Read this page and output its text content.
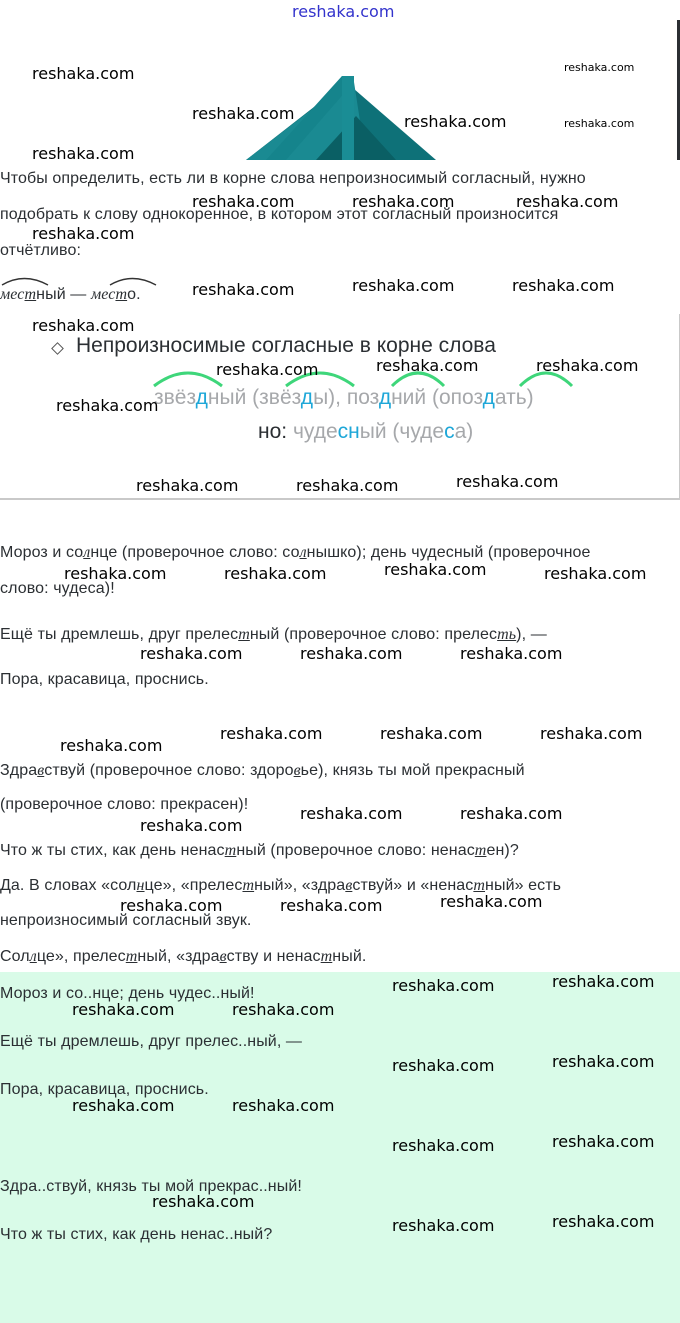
reshaka.com
reshaka.com	reshaka.com
reshaka.com	reshaka.com	reshaka.com
reshaka.com
Чтобы определить, есть ли в корне слова непроизносимый согласный, нужно
reshaka.com	reshaka.com	reshaka.com
подобрать к слову однокоренное, в котором этот согласный произносится
reshaka.com
отчётливо:
местный — место.	reshaka.com	reshaka.com	reshaka.com
reshaka.com
Непроизносимые согласные в корне слова
reshaka.com	reshaka.com	reshaka.com
звёздный (звёзды), поздний (опоздать)
reshaka.com
но: чудесный (чудеса)
reshaka.com	reshaka.com	reshaka.com
Мороз и солнце (проверочное слово: солнышко); день чудесный (проверочное
reshaka.com	reshaka.com	reshaka.com	reshaka.com
слово: чудеса)!
Ещё ты дремлешь, друг прелестный (проверочное слово: прелесть), —
reshaka.com	reshaka.com	reshaka.com
Пора, красавица, проснись.
reshaka.com	reshaka.com	reshaka.com
reshaka.com
Здравствуй (проверочное слово: здоровье), князь ты мой прекрасный
(проверочное слово: прекрасен)!	reshaka.com	reshaka.com
reshaka.com
Что ж ты стих, как день ненастный (проверочное слово: ненастен)?
Да. В словах «солнце», «прелестный», «здравствуй» и «ненастный» есть
reshaka.com	reshaka.com	reshaka.com
непроизносимый согласный звук.
Соллце», прелестный, «здравству и ненастный.
Мороз и со..нце; день чудес..ный!	reshaka.com	reshaka.com
reshaka.com	reshaka.com
Ещё ты дремлешь, друг прелес..ный, —
reshaka.com	reshaka.com
Пора, красавица, проснись.
reshaka.com	reshaka.com
reshaka.com	reshaka.com
Здра..ствуй, князь ты мой прекрас..ный!
reshaka.com
Что ж ты стих, как день ненас..ный?	reshaka.com	reshaka.com
